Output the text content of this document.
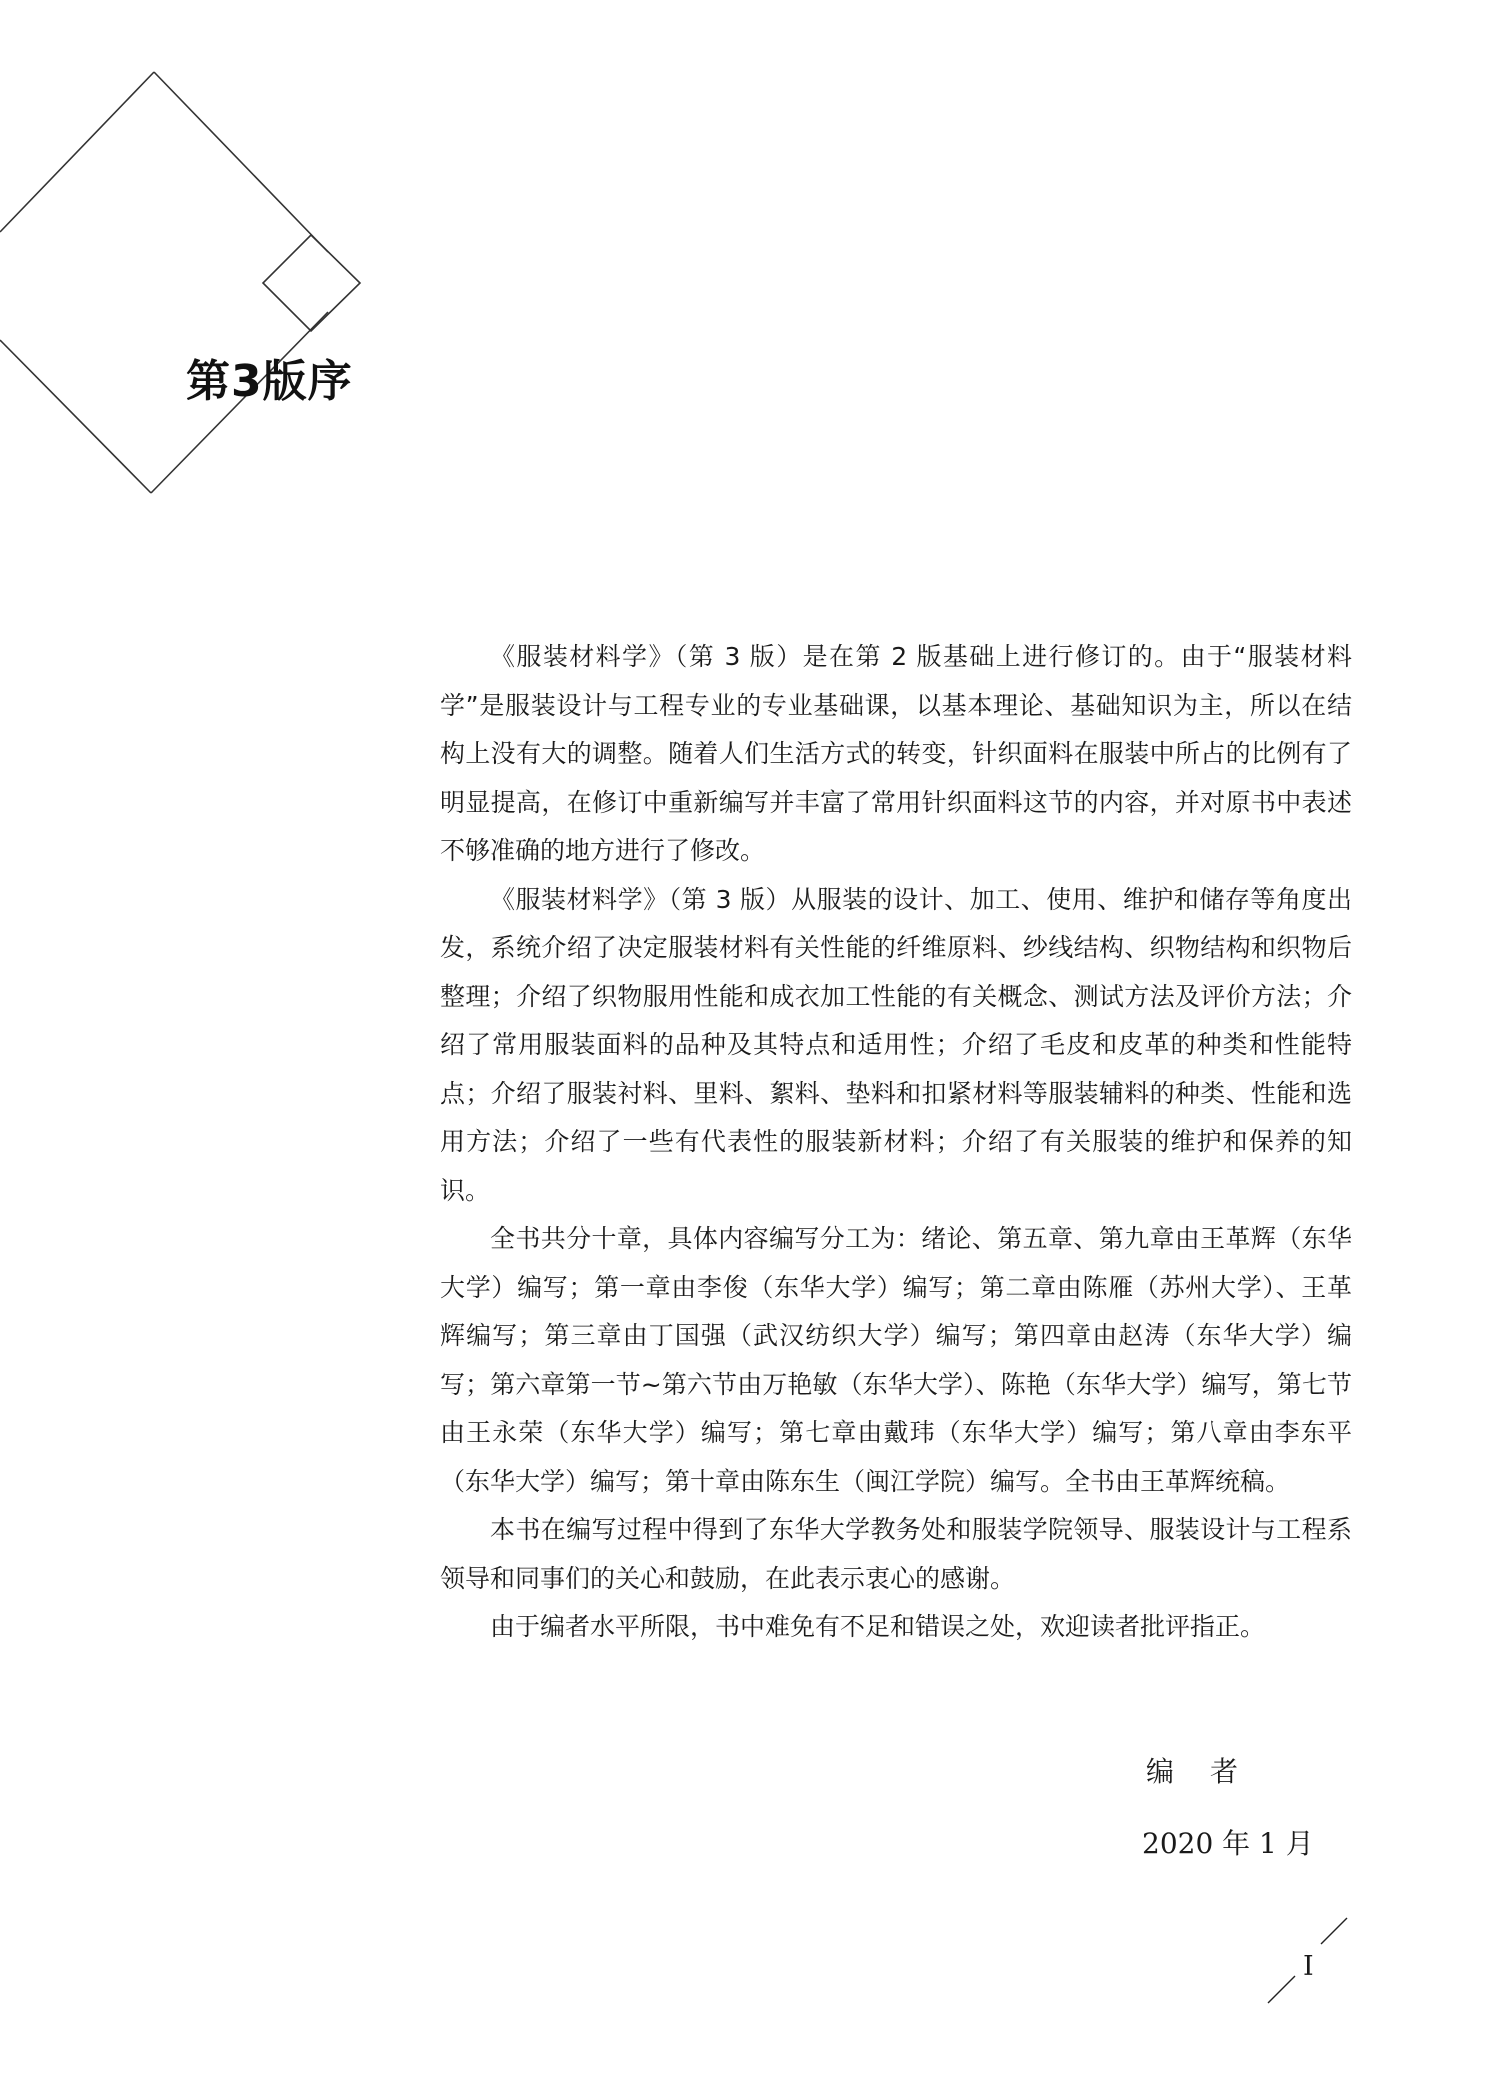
第3版序

《服装材料学》（第 3 版）是在第 2 版基础上进行修订的。由于“服装材料学”是服装设计与工程专业的专业基础课，以基本理论、基础知识为主，所以在结构上没有大的调整。随着人们生活方式的转变，针织面料在服装中所占的比例有了明显提高，在修订中重新编写并丰富了常用针织面料这节的内容，并对原书中表述不够准确的地方进行了修改。

《服装材料学》（第 3 版）从服装的设计、加工、使用、维护和储存等角度出发，系统介绍了决定服装材料有关性能的纤维原料、纱线结构、织物结构和织物后整理；介绍了织物服用性能和成衣加工性能的有关概念、测试方法及评价方法；介绍了常用服装面料的品种及其特点和适用性；介绍了毛皮和皮革的种类和性能特点；介绍了服装衬料、里料、絮料、垫料和扣紧材料等服装辅料的种类、性能和选用方法；介绍了一些有代表性的服装新材料；介绍了有关服装的维护和保养的知识。

全书共分十章，具体内容编写分工为：绪论、第五章、第九章由王革辉（东华大学）编写；第一章由李俊（东华大学）编写；第二章由陈雁（苏州大学）、王革辉编写；第三章由丁国强（武汉纺织大学）编写；第四章由赵涛（东华大学）编写；第六章第一节~第六节由万艳敏（东华大学）、陈艳（东华大学）编写，第七节由王永荣（东华大学）编写；第七章由戴玮（东华大学）编写；第八章由李东平（东华大学）编写；第十章由陈东生（闽江学院）编写。全书由王革辉统稿。

本书在编写过程中得到了东华大学教务处和服装学院领导、服装设计与工程系领导和同事们的关心和鼓励，在此表示衷心的感谢。

由于编者水平所限，书中难免有不足和错误之处，欢迎读者批评指正。

编者
2020 年 1 月
I
